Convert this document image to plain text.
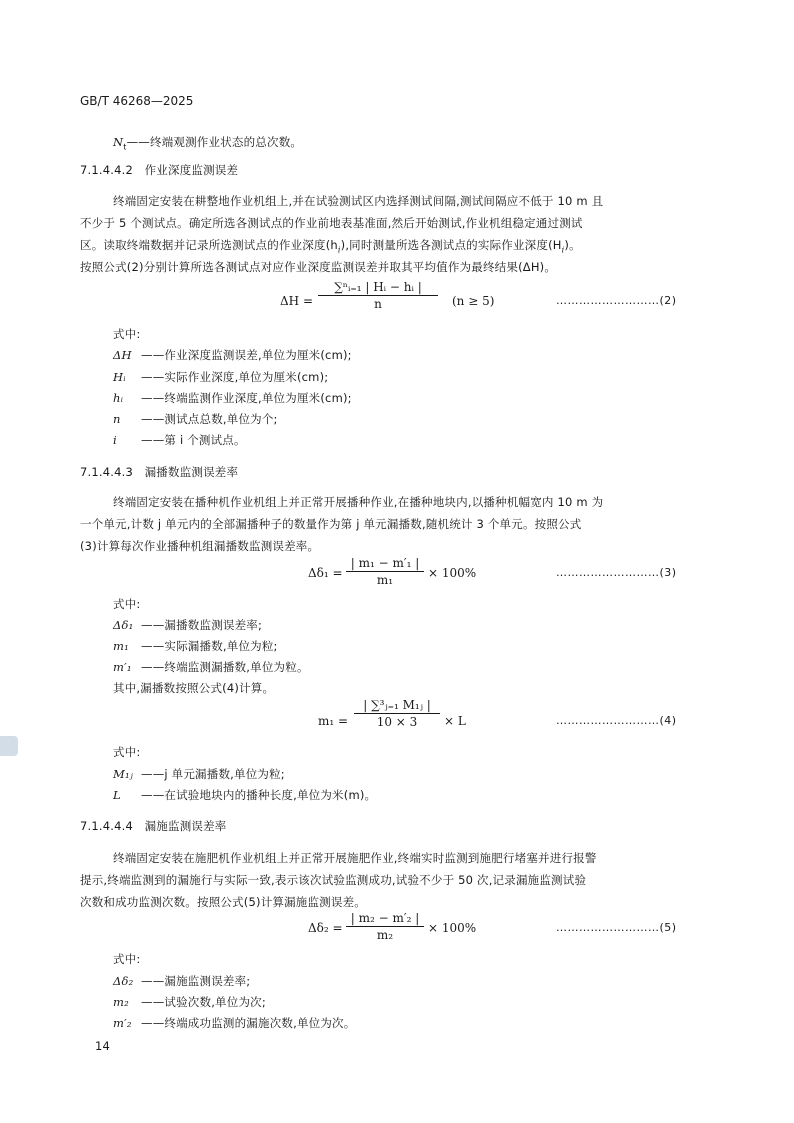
GB/T 46268—2025
$N_t——$终端观测作业状态的总次数。
7.1.4.4.2 作业深度监测误差
终端固定安装在耕整地作业机组上,并在试验测试区内选择测试间隔,测试间隔应不低于 10 m 且
不少于 5 个测试点。确定所选各测试点的作业前地表基准面,然后开始测试,作业机组稳定通过测试
区。读取终端数据并记录所选测试点的作业深度$(h_i)$,同时测量所选各测试点的实际作业深度$(H_i)$。
按照公式(2)分别计算所选各测试点对应作业深度监测误差并取其平均值作为最终结果(ΔH)。
$\Delta H = \frac{\text{∑ⁿᵢ₌₁ | Hᵢ − hᵢ |}}{n} (n \ge 5)$	………………………(2)
式中:
ΔH ——作业深度监测误差,单位为厘米(cm);
Hᵢ ——实际作业深度,单位为厘米(cm);
hᵢ ——终端监测作业深度,单位为厘米(cm);
n ——测试点总数,单位为个;
i ——第 i 个测试点。
7.1.4.4.3 漏播数监测误差率
终端固定安装在播种机作业机组上并正常开展播种作业,在播种地块内,以播种机幅宽内 10 m 为
一个单元,计数 j 单元内的全部漏播种子的数量作为第 j 单元漏播数,随机统计 3 个单元。按照公式
(3)计算每次作业播种机组漏播数监测误差率。
$\Delta\delta_1 = \frac{\text{| m₁ − m′₁ |}}{\text{m₁}} \times 100\%$	………………………(3)
式中:
Δδ₁ ——漏播数监测误差率;
m₁ ——实际漏播数,单位为粒;
m′₁ ——终端监测漏播数,单位为粒。
其中,漏播数按照公式(4)计算。
$m_1 = \frac{\text{| ∑³ⱼ₌₁ M₁ⱼ |}}{10 \times 3} \times L$	………………………(4)
式中:
M₁ⱼ ——j 单元漏播数,单位为粒;
L ——在试验地块内的播种长度,单位为米(m)。
7.1.4.4.4 漏施监测误差率
终端固定安装在施肥机作业机组上并正常开展施肥作业,终端实时监测到施肥行堵塞并进行报警
提示,终端监测到的漏施行与实际一致,表示该次试验监测成功,试验不少于 50 次,记录漏施监测试验
次数和成功监测次数。按照公式(5)计算漏施监测误差。
$\Delta\delta_2 = \frac{\text{| m₂ − m′₂ |}}{\text{m₂}} \times 100\%$	………………………(5)
式中:
Δδ₂ ——漏施监测误差率;
m₂ ——试验次数,单位为次;
m′₂ ——终端成功监测的漏施次数,单位为次。
14
